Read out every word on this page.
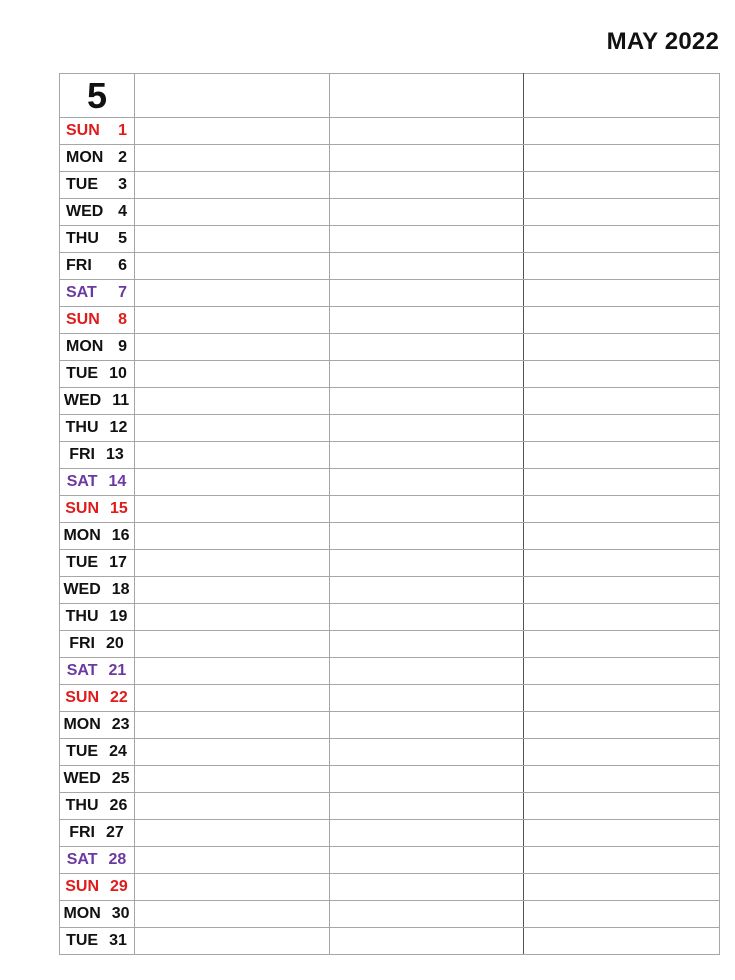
MAY 2022
5			

SUN 1			

MON 2			

TUE 3			

WED 4			

THU 5			

FRI 6			

SAT 7			

SUN 8			

MON 9			

TUE 10			

WED 11			

THU 12			

FRI 13			

SAT 14			

SUN 15			

MON 16			

TUE 17			

WED 18			

THU 19			

FRI 20			

SAT 21			

SUN 22			

MON 23			

TUE 24			

WED 25			

THU 26			

FRI 27			

SAT 28			

SUN 29			

MON 30			

TUE 31			
